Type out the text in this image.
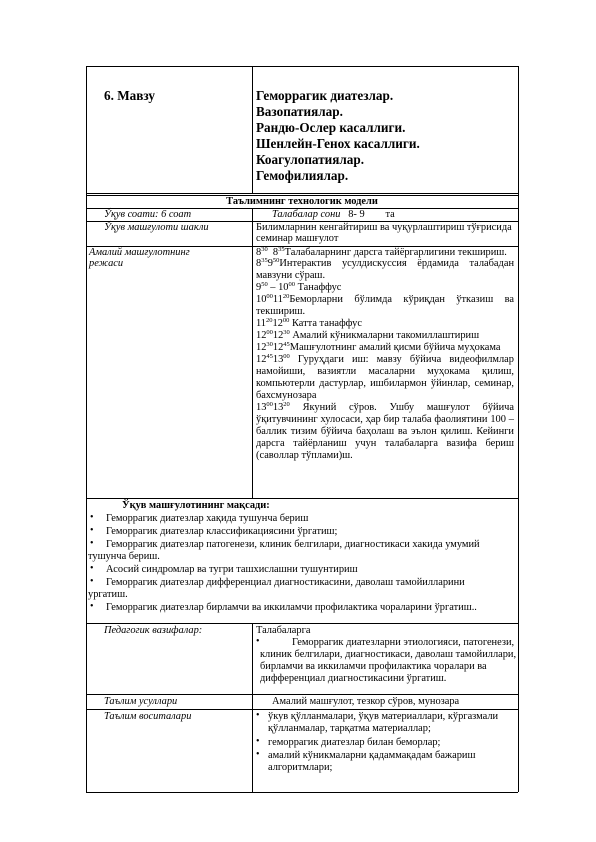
6. Мавзу	Геморрагик диатезлар.
Вазопатиялар.
Рандю-Ослер касаллиги.
Шенлейн-Генох касаллиги.
Коагулопатиялар.
Гемофилиялар.
Таълимнинг технологик модели
Ўқув соати: 6 соат	Талабалар сони 8- 9 та
Ўқув машғулоти шакли	Билимларнин кенгайтириш ва чуқурлаштириш тўғрисида
семинар машғулот
Амалий машғулотнинг
режаси
$8^{30}$ $8^{35}Талабаларнинг$ дарсга тайёргарлигини текшириш.
$8^{35}9^{50}Интерактив$ усулдискуссия ёрдамида талабадан
мавзуни сўраш.
$9^{50} - 10^{00}$ Танаффус
$10^{00}11^{20}Беморларни$ бўлимда кўриқдан ўтказиш ва
текшириш.
$11^{20}12^{00}$ Катта танаффус
$12^{00}12^{30}$ Амалий кўникмаларни такомиллаштириш
$12^{30}12^{45}Машғулотнинг$ амалий қисми бўйича муҳокама
$12^{45}13^{00}$ Гуруҳдаги иш: мавзу бўйича видеофилмлар
намойиши, вазиятли масаларни муҳокама қилиш,
компьютерли дастурлар, ишбилармон ўйинлар, семинар,
бахсмунозара
$13^{00}13^{20}$ Якуний сўров. Ушбу машғулот бўйича
ўқитувчининг хулосаси, ҳар бир талаба фаолиятини 100 –
баллик тизим бўйича баҳолаш ва эълон қилиш. Кейинги
дарсга тайёрланиш учун талабаларга вазифа бериш
(саволлар тўплами)ш.
Ўқув машғулотининг мақсади:
• Геморрагик диатезлар хақида тушунча бериш
• Геморрагик диатезлар классификациясини ўргатиш;
• Геморрагик диатезлар патогенези, клиник белгилари, диагностикаси хакида умумий
тушунча бериш.
• Асосий синдромлар ва тугри ташхислашни тушунтириш
• Геморрагик диатезлар дифференциал диагностикасини, даволаш тамойилларини
ургатиш.
• Геморрагик диатезлар бирламчи ва иккиламчи профилактика чораларини ўргатиш..
Педагогик вазифалар:	Талабаларга
•	Геморрагик диатезларни этиологияси, патогенези,
клиник белгилари, диагностикаси, даволаш тамойиллари,
бирламчи ва иккиламчи профилактика чоралари ва
дифференциал диагностикасини ўргатиш.
Таълим усуллари	Амалий машғулот, тезкор сўров, мунозара
Таълим воситалари	• ўкув қўлланмалари, ўқув материаллари, кўргазмали
қўлланмалар, тарқатма материаллар;
• геморрагик диатезлар билан беморлар;
• амалий кўникмаларни қадаммақадам бажариш
алгоритмлари;
